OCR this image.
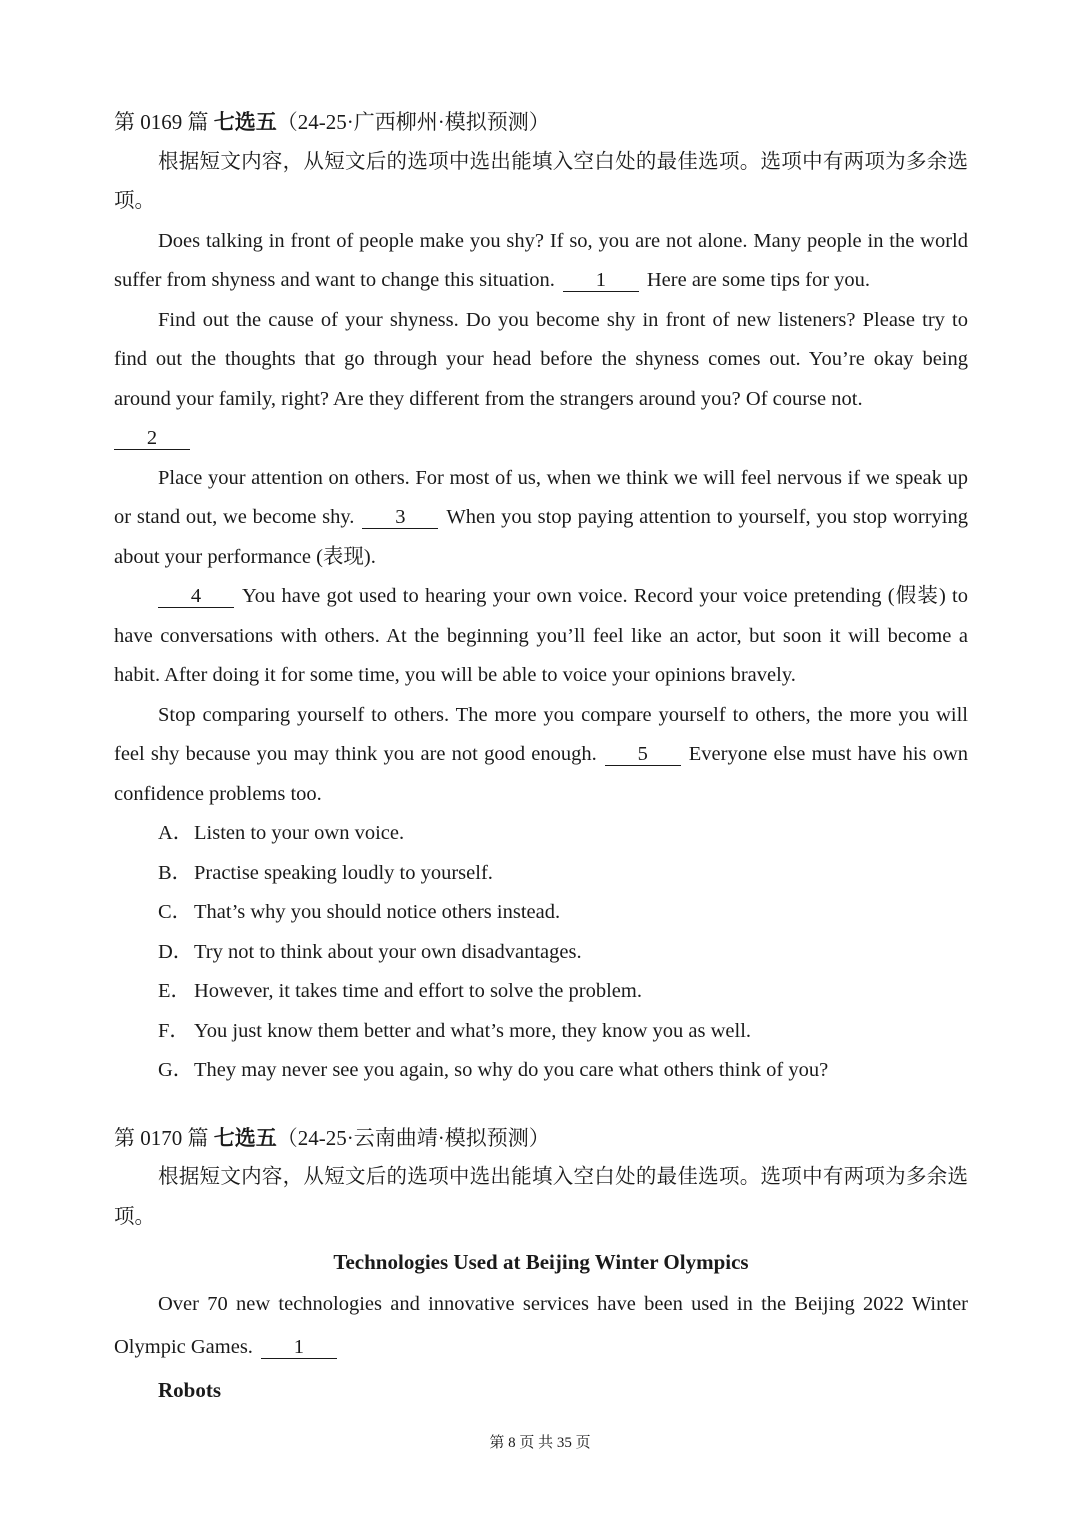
第 0169 篇 七选五（24-25·广西柳州·模拟预测）

根据短文内容，从短文后的选项中选出能填入空白处的最佳选项。选项中有两项为多余选项。

Does talking in front of people make you shy? If so, you are not alone. Many people in the world suffer from shyness and want to change this situation. 1 Here are some tips for you.

Find out the cause of your shyness. Do you become shy in front of new listeners? Please try to find out the thoughts that go through your head before the shyness comes out. You’re okay being around your family, right? Are they different from the strangers around you? Of course not.

2

Place your attention on others. For most of us, when we think we will feel nervous if we speak up or stand out, we become shy. 3 When you stop paying attention to yourself, you stop worrying about your performance (表现).

4 You have got used to hearing your own voice. Record your voice pretending (假装) to have conversations with others. At the beginning you’ll feel like an actor, but soon it will become a habit. After doing it for some time, you will be able to voice your opinions bravely.

Stop comparing yourself to others. The more you compare yourself to others, the more you will feel shy because you may think you are not good enough. 5 Everyone else must have his own confidence problems too.

A．Listen to your own voice.
B．Practise speaking loudly to yourself.
C．That’s why you should notice others instead.
D．Try not to think about your own disadvantages.
E． However, it takes time and effort to solve the problem.
F． You just know them better and what’s more, they know you as well.
G．They may never see you again, so why do you care what others think of you?
第 0170 篇 七选五（24-25·云南曲靖·模拟预测）

根据短文内容，从短文后的选项中选出能填入空白处的最佳选项。选项中有两项为多余选项。

Technologies Used at Beijing Winter Olympics

Over 70 new technologies and innovative services have been used in the Beijing 2022 Winter Olympic Games. 1

Robots
第 8 页 共 35 页
